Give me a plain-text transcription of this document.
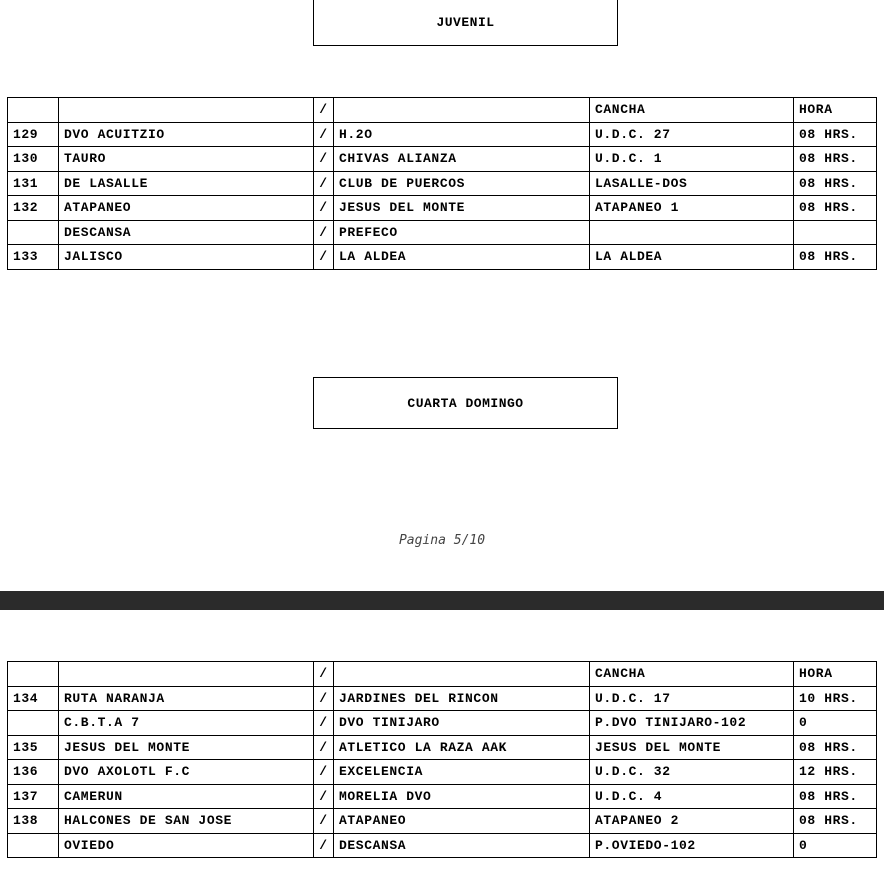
JUVENIL
		/		CANCHA	HORA
129	DVO ACUITZIO	/	H.2O	U.D.C. 27	08 HRS.
130	TAURO	/	CHIVAS ALIANZA	U.D.C. 1	08 HRS.
131	DE LASALLE	/	CLUB DE PUERCOS	LASALLE-DOS	08 HRS.
132	ATAPANEO	/	JESUS DEL MONTE	ATAPANEO 1	08 HRS.
	DESCANSA	/	PREFECO		
133	JALISCO	/	LA ALDEA	LA ALDEA	08 HRS.
CUARTA DOMINGO
Pagina 5/10
		/		CANCHA	HORA
134	RUTA NARANJA	/	JARDINES DEL RINCON	U.D.C. 17	10 HRS.
	C.B.T.A 7	/	DVO TINIJARO	P.DVO TINIJARO-102	0
135	JESUS DEL MONTE	/	ATLETICO LA RAZA AAK	JESUS DEL MONTE	08 HRS.
136	DVO AXOLOTL F.C	/	EXCELENCIA	U.D.C. 32	12 HRS.
137	CAMERUN	/	MORELIA DVO	U.D.C. 4	08 HRS.
138	HALCONES DE SAN JOSE	/	ATAPANEO	ATAPANEO 2	08 HRS.
	OVIEDO	/	DESCANSA	P.OVIEDO-102	0
